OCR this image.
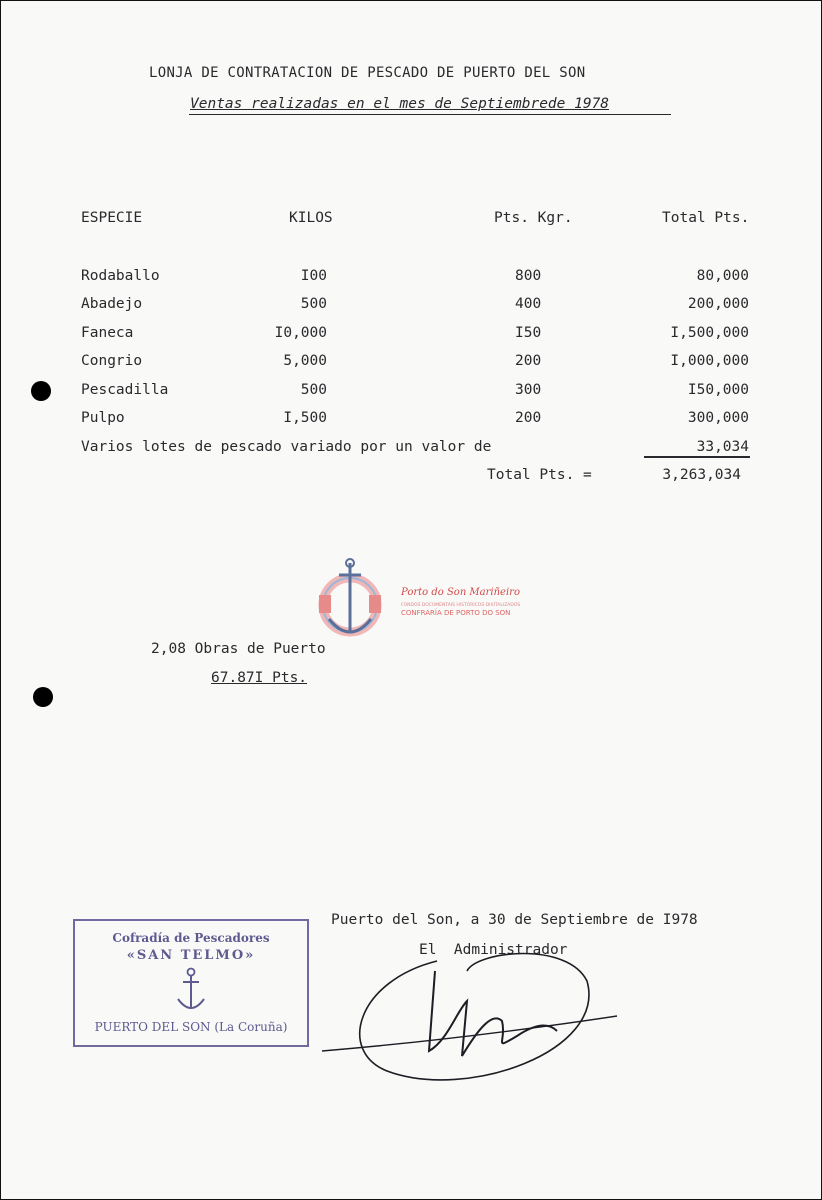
LONJA DE CONTRATACION DE PESCADO DE PUERTO DEL SON
Ventas realizadas en el mes de Septiembrede 1978
ESPECIE	KILOS	Pts. Kgr.	Total Pts.
Rodaballo	I00	800	80,000
Abadejo	500	400	200,000
Faneca	I0,000	I50	I,500,000
Congrio	5,000	200	I,000,000
Pescadilla	500	300	I50,000
Pulpo	I,500	200	300,000
Varios lotes de pescado variado por un valor de	33,034
Total Pts. =	3,263,034
Porto do Son Mariñeiro
FONDOS DOCUMENTAIS HISTÓRICOS DIXITALIZADOS
CONFRARÍA DE PORTO DO SON
2,08 Obras de Puerto
67.87I Pts.
Puerto del Son, a 30 de Septiembre de I978
El  Administrador
Cofradía de Pescadores
«SAN TELMO»
PUERTO DEL SON (La Coruña)
